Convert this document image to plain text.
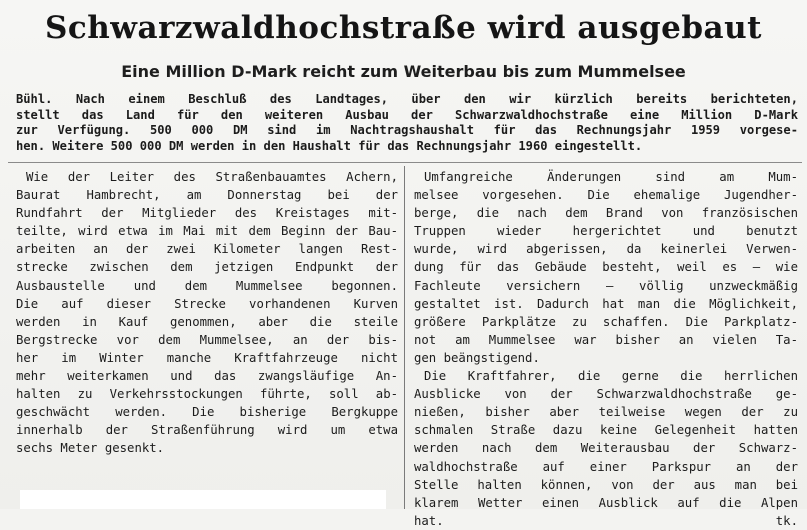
Schwarzwaldhochstraße wird ausgebaut
Eine Million D-Mark reicht zum Weiterbau bis zum Mummelsee
Bühl. Nach einem Beschluß des Landtages, über den wir kürzlich bereits berichteten,
stellt das Land für den weiteren Ausbau der Schwarzwaldhochstraße eine Million D-Mark
zur Verfügung. 500 000 DM sind im Nachtragshaushalt für das Rechnungsjahr 1959 vorgese-
hen. Weitere 500 000 DM werden in den Haushalt für das Rechnungsjahr 1960 eingestellt.
Wie der Leiter des Straßenbauamtes Achern,
Baurat Hambrecht, am Donnerstag bei der
Rundfahrt der Mitglieder des Kreistages mit-
teilte, wird etwa im Mai mit dem Beginn der Bau-
arbeiten an der zwei Kilometer langen Rest-
strecke zwischen dem jetzigen Endpunkt der
Ausbaustelle und dem Mummelsee begonnen.
Die auf dieser Strecke vorhandenen Kurven
werden in Kauf genommen, aber die steile
Bergstrecke vor dem Mummelsee, an der bis-
her im Winter manche Kraftfahrzeuge nicht
mehr weiterkamen und das zwangsläufige An-
halten zu Verkehrsstockungen führte, soll ab-
geschwächt werden. Die bisherige Bergkuppe
innerhalb der Straßenführung wird um etwa
sechs Meter gesenkt.
Umfangreiche Änderungen sind am Mum-
melsee vorgesehen. Die ehemalige Jugendher-
berge, die nach dem Brand von französischen
Truppen wieder hergerichtet und benutzt
wurde, wird abgerissen, da keinerlei Verwen-
dung für das Gebäude besteht, weil es — wie
Fachleute versichern — völlig unzweckmäßig
gestaltet ist. Dadurch hat man die Möglichkeit,
größere Parkplätze zu schaffen. Die Parkplatz-
not am Mummelsee war bisher an vielen Ta-
gen beängstigend.
Die Kraftfahrer, die gerne die herrlichen
Ausblicke von der Schwarzwaldhochstraße ge-
nießen, bisher aber teilweise wegen der zu
schmalen Straße dazu keine Gelegenheit hatten
werden nach dem Weiterausbau der Schwarz-
waldhochstraße auf einer Parkspur an der
Stelle halten können, von der aus man bei
klarem Wetter einen Ausblick auf die Alpen
hat.	tk.
